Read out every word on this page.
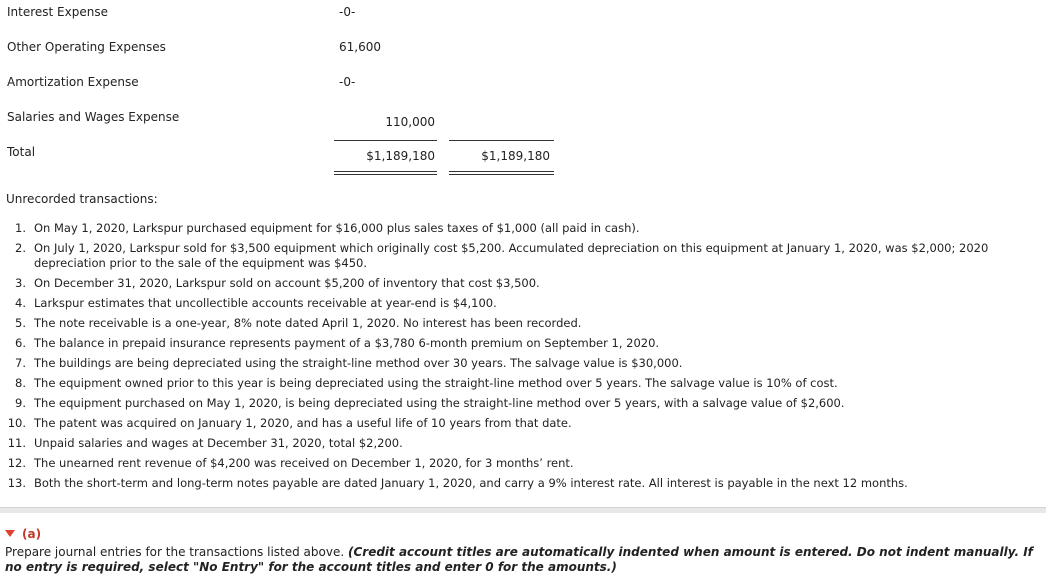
Interest Expense	-0-
Other Operating Expenses	61,600
Amortization Expense	-0-
Salaries and Wages Expense	110,000
Total	$1,189,180	$1,189,180
Unrecorded transactions:
1. On May 1, 2020, Larkspur purchased equipment for $16,000 plus sales taxes of $1,000 (all paid in cash).
2. On July 1, 2020, Larkspur sold for $3,500 equipment which originally cost $5,200. Accumulated depreciation on this equipment at January 1, 2020, was $2,000; 2020 depreciation prior to the sale of the equipment was $450.
3. On December 31, 2020, Larkspur sold on account $5,200 of inventory that cost $3,500.
4. Larkspur estimates that uncollectible accounts receivable at year-end is $4,100.
5. The note receivable is a one-year, 8% note dated April 1, 2020. No interest has been recorded.
6. The balance in prepaid insurance represents payment of a $3,780 6-month premium on September 1, 2020.
7. The buildings are being depreciated using the straight-line method over 30 years. The salvage value is $30,000.
8. The equipment owned prior to this year is being depreciated using the straight-line method over 5 years. The salvage value is 10% of cost.
9. The equipment purchased on May 1, 2020, is being depreciated using the straight-line method over 5 years, with a salvage value of $2,600.
10. The patent was acquired on January 1, 2020, and has a useful life of 10 years from that date.
11. Unpaid salaries and wages at December 31, 2020, total $2,200.
12. The unearned rent revenue of $4,200 was received on December 1, 2020, for 3 months’ rent.
13. Both the short-term and long-term notes payable are dated January 1, 2020, and carry a 9% interest rate. All interest is payable in the next 12 months.
(a)
Prepare journal entries for the transactions listed above. (Credit account titles are automatically indented when amount is entered. Do not indent manually. If no entry is required, select "No Entry" for the account titles and enter 0 for the amounts.)
